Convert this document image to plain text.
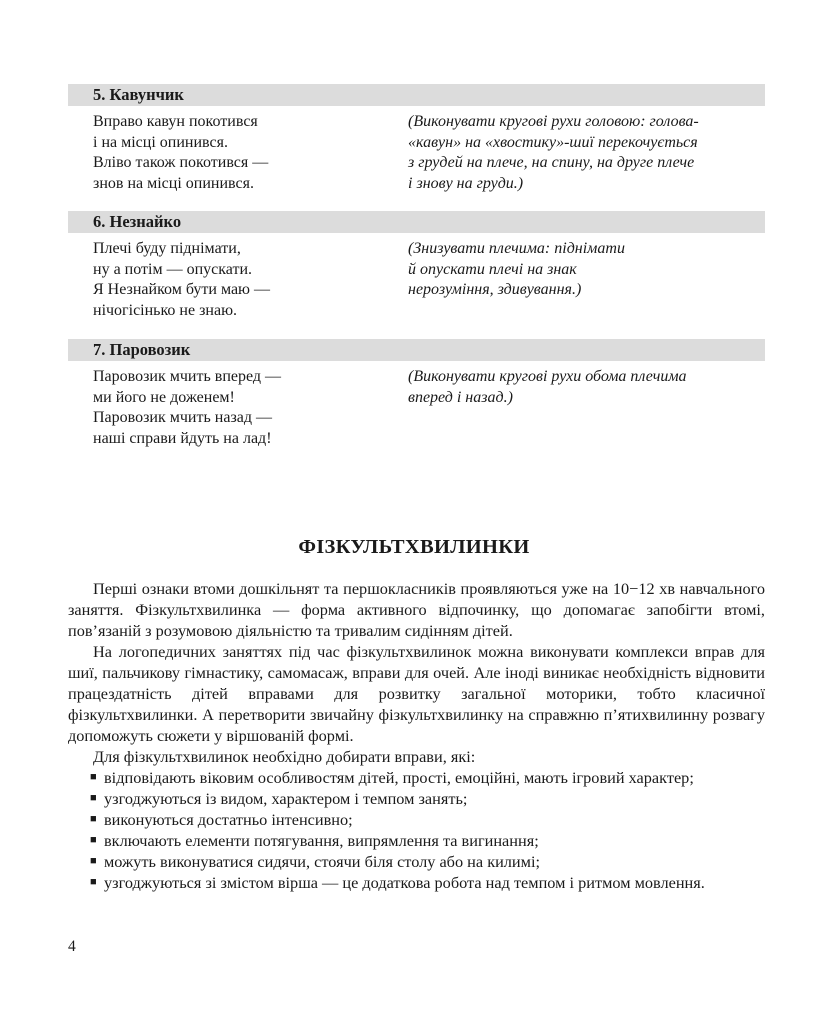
5. Кавунчик
Вправо кавун покотився
і на місці опинився.
Вліво також покотився —
знов на місці опинився.
(Виконувати кругові рухи головою: голова-
«кавун» на «хвостику»-шиї перекочується
з грудей на плече, на спину, на друге плече
і знову на груди.)
6. Незнайко
Плечі буду піднімати,
ну а потім — опускати.
Я Незнайком бути маю —
нічогісінько не знаю.
(Знизувати плечима: піднімати
й опускати плечі на знак
нерозуміння, здивування.)
7. Паровозик
Паровозик мчить вперед —
ми його не доженем!
Паровозик мчить назад —
наші справи йдуть на лад!
(Виконувати кругові рухи обома плечима
вперед і назад.)
ФІЗКУЛЬТХВИЛИНКИ

Перші ознаки втоми дошкільнят та першокласників проявляються уже на 10−12 хв навчального заняття. Фізкультхвилинка — форма активного відпочинку, що допомагає запобігти втомі, пов’язаній з розумовою діяльністю та тривалим сидінням дітей.

На логопедичних заняттях під час фізкультхвилинок можна виконувати комплекси вправ для шиї, пальчикову гімнастику, самомасаж, вправи для очей. Але іноді виникає необхідність відновити працездатність дітей вправами для розвитку загальної моторики, тобто класичної фізкультхвилинки. А перетворити звичайну фізкультхвилинку на справжню п’ятихвилинну розвагу допоможуть сюжети у віршованій формі.

Для фізкультхвилинок необхідно добирати вправи, які:

■ відповідають віковим особливостям дітей, прості, емоційні, мають ігровий характер;
■ узгоджуються із видом, характером і темпом занять;
■ виконуються достатньо інтенсивно;
■ включають елементи потягування, випрямлення та вигинання;
■ можуть виконуватися сидячи, стоячи біля столу або на килимі;
■ узгоджуються зі змістом вірша — це додаткова робота над темпом і ритмом мовлення.
4
